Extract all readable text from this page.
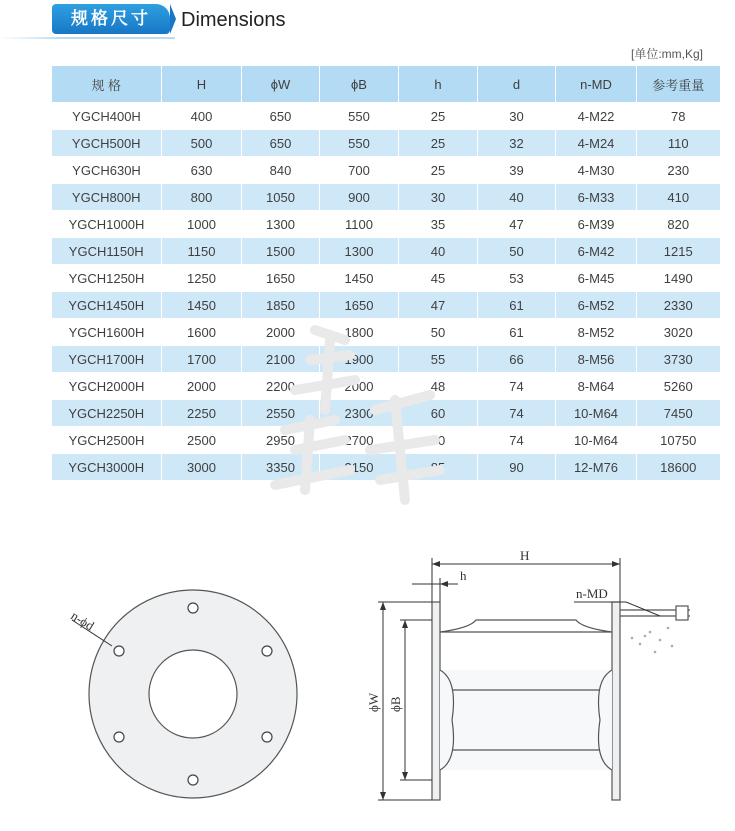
规格尺寸	Dimensions
[单位:mm,Kg]
规 格	H	ϕW	ϕB	h	d	n-MD	参考重量
YGCH400H	400	650	550	25	30	4-M22	78
YGCH500H	500	650	550	25	32	4-M24	110
YGCH630H	630	840	700	25	39	4-M30	230
YGCH800H	800	1050	900	30	40	6-M33	410
YGCH1000H	1000	1300	1100	35	47	6-M39	820
YGCH1150H	1150	1500	1300	40	50	6-M42	1215
YGCH1250H	1250	1650	1450	45	53	6-M45	1490
YGCH1450H	1450	1850	1650	47	61	6-M52	2330
YGCH1600H	1600	2000	1800	50	61	8-M52	3020
YGCH1700H	1700	2100	1900	55	66	8-M56	3730
YGCH2000H	2000	2200	2000	48	74	8-M64	5260
YGCH2250H	2250	2550	2300	60	74	10-M64	7450
YGCH2500H	2500	2950	2700	70	74	10-M64	10750
YGCH3000H	3000	3350	3150	85	90	12-M76	18600
n-ϕd
H
h
n-MD
ϕW ϕB
